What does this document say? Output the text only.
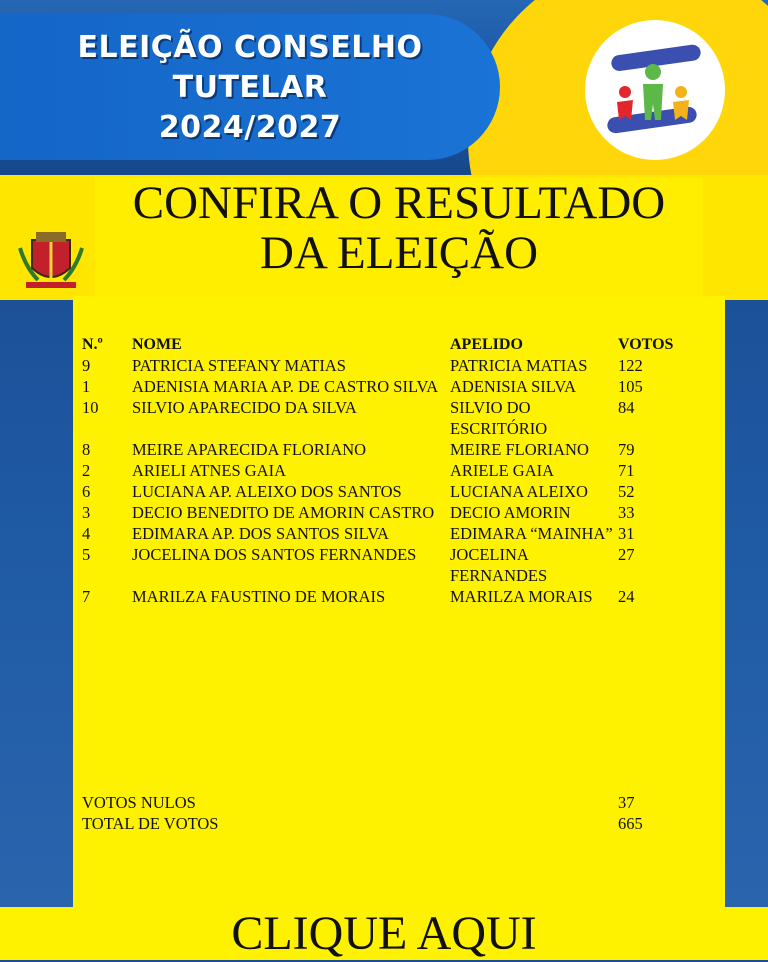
ELEIÇÃO CONSELHO
TUTELAR
2024/2027
CONFIRA O RESULTADO
DA ELEIÇÃO
N.º	NOME	APELIDO	VOTOS
9	PATRICIA STEFANY MATIAS	PATRICIA MATIAS	122
1	ADENISIA MARIA AP. DE CASTRO SILVA	ADENISIA SILVA	105
10	SILVIO APARECIDO DA SILVA	SILVIO DO ESCRITÓRIO	84
8	MEIRE APARECIDA FLORIANO	MEIRE FLORIANO	79
2	ARIELI ATNES GAIA	ARIELE GAIA	71
6	LUCIANA AP. ALEIXO DOS SANTOS	LUCIANA ALEIXO	52
3	DECIO BENEDITO DE AMORIN CASTRO	DECIO AMORIN	33
4	EDIMARA AP. DOS SANTOS SILVA	EDIMARA “MAINHA”	31
5	JOCELINA DOS SANTOS FERNANDES	JOCELINA FERNANDES	27
7	MARILZA FAUSTINO DE MORAIS	MARILZA MORAIS	24
VOTOS NULOS	37
TOTAL DE VOTOS	665
CLIQUE AQUI
